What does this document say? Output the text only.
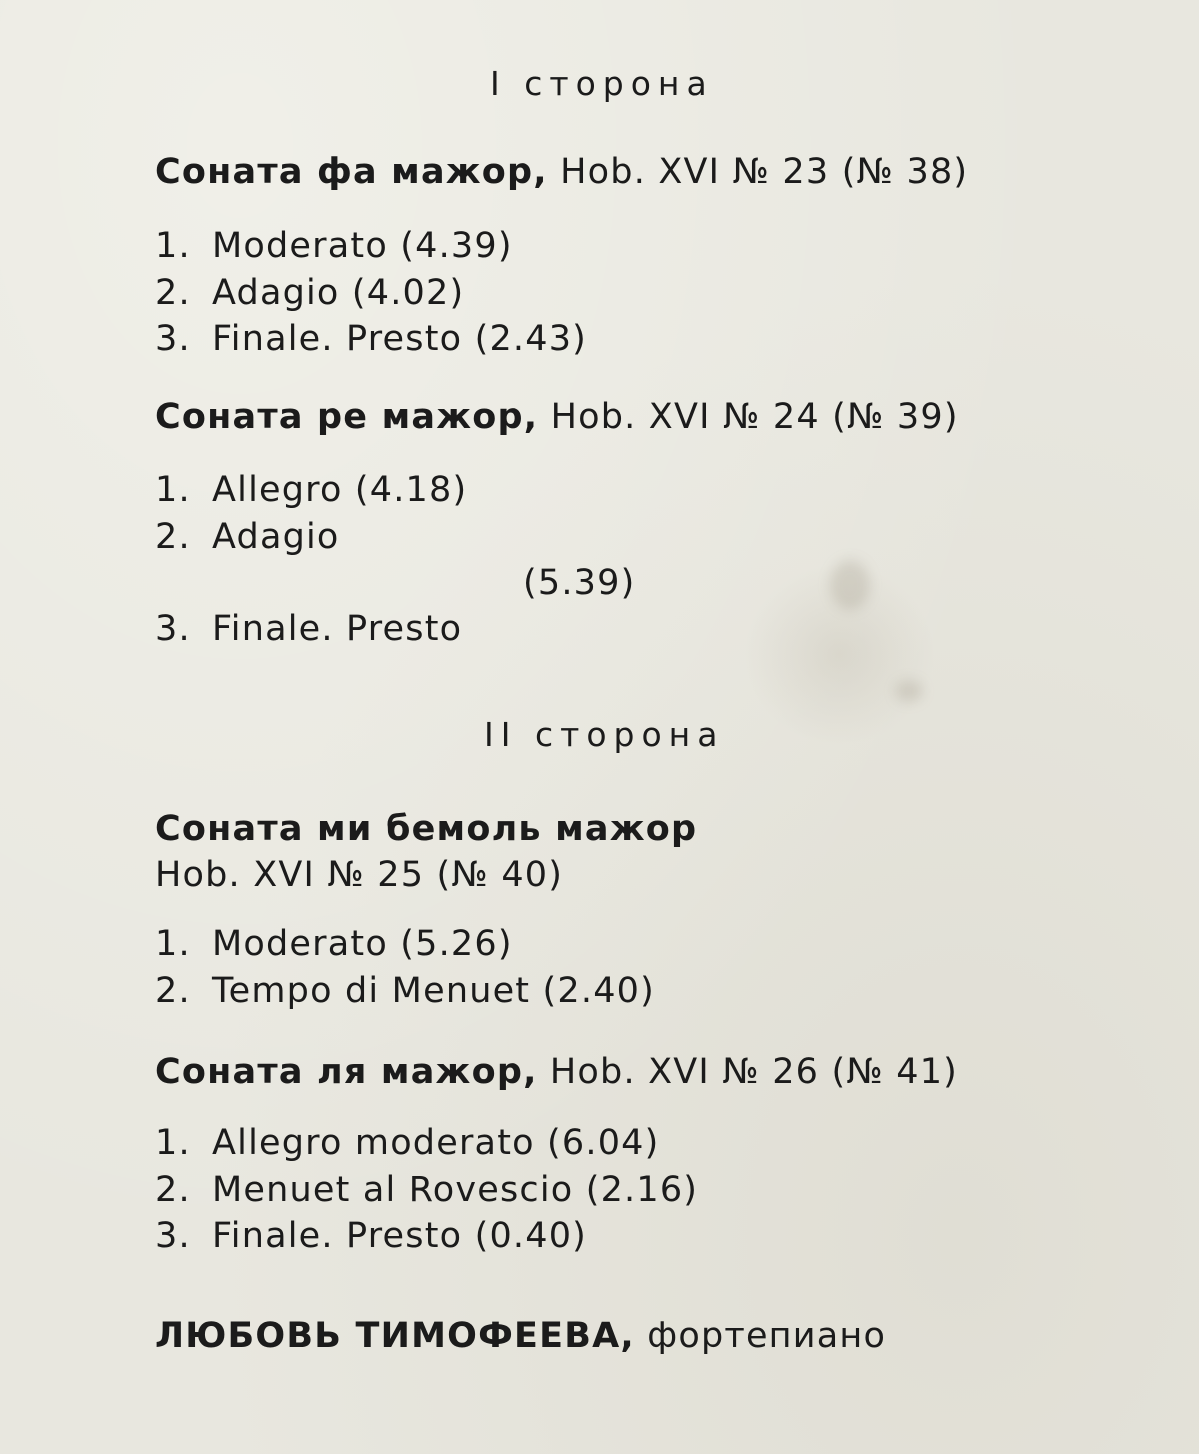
I сторона
Соната фа мажор, Hob. XVI № 23 (№ 38)
1. Moderato (4.39)
2. Adagio (4.02)
3. Finale. Presto (2.43)
Соната ре мажор, Hob. XVI № 24 (№ 39)
1. Allegro (4.18)
2. Adagio
(5.39)
3. Finale. Presto
II сторона
Соната ми бемоль мажор
Hob. XVI № 25 (№ 40)
1. Moderato (5.26)
2. Tempo di Menuet (2.40)
Соната ля мажор, Hob. XVI № 26 (№ 41)
1. Allegro moderato (6.04)
2. Menuet al Rovescio (2.16)
3. Finale. Presto (0.40)
ЛЮБОВЬ ТИМОФЕЕВА, фортепиано
